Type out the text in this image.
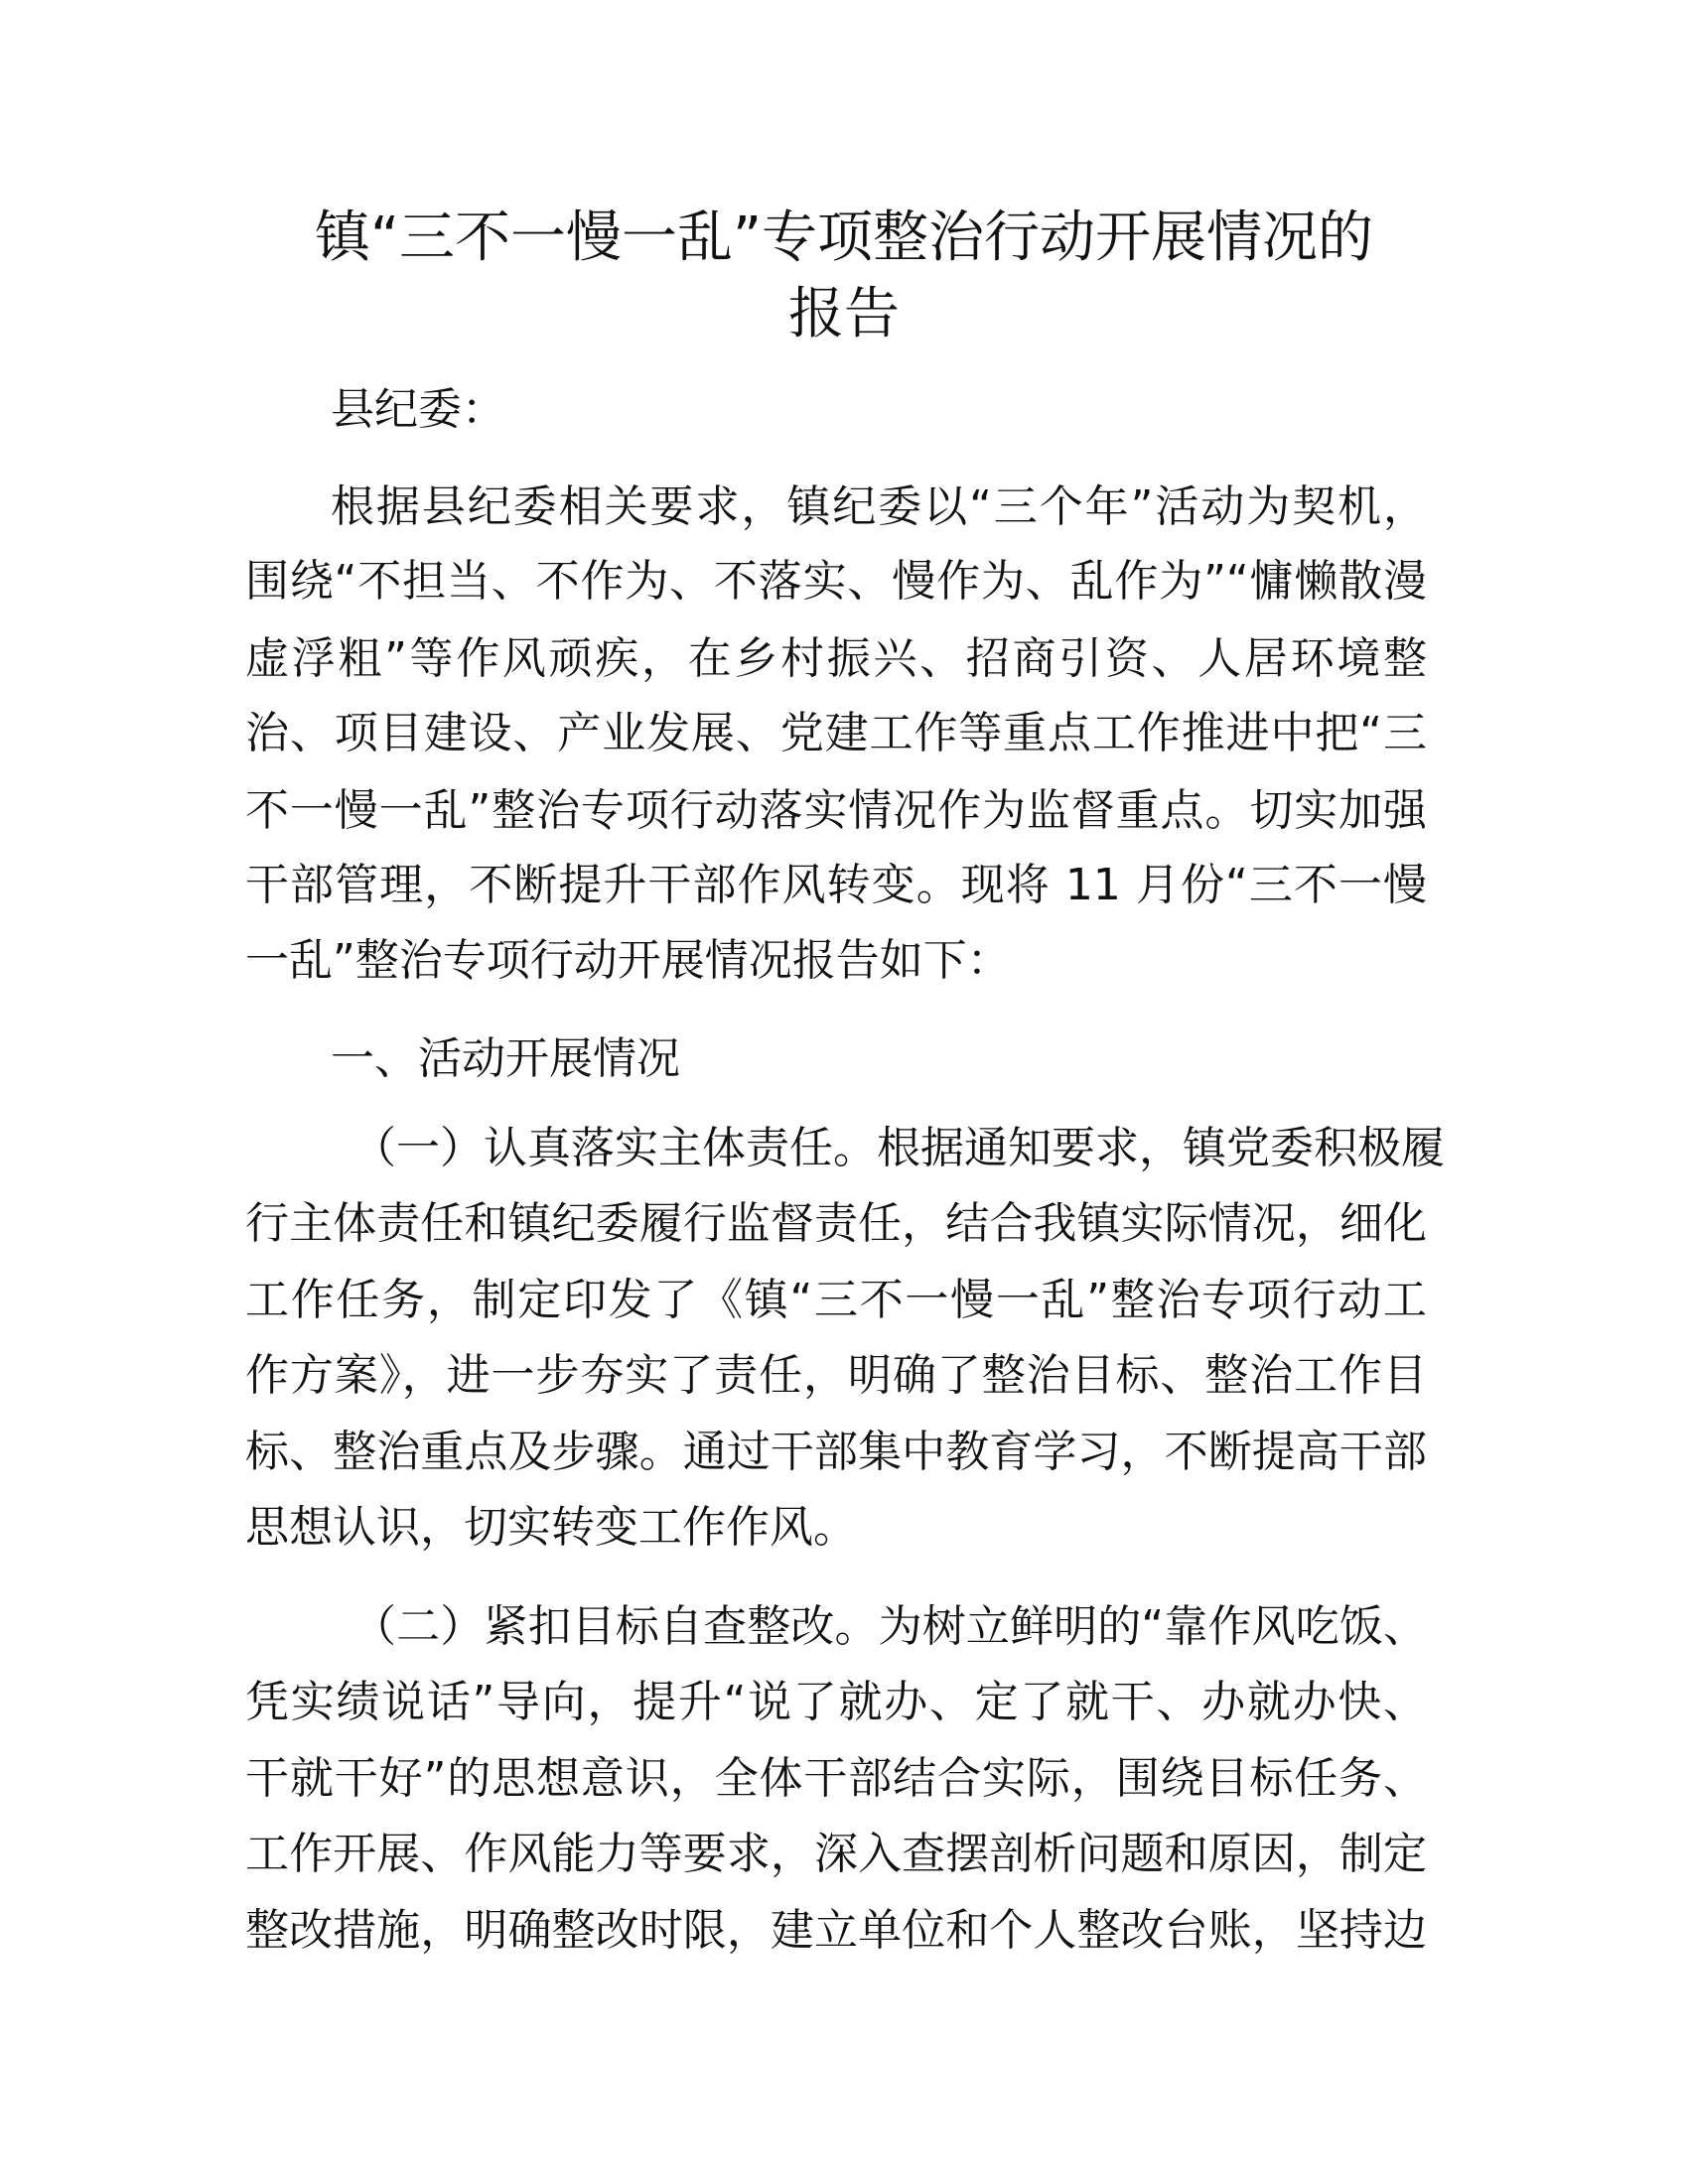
镇“三不一慢一乱”专项整治行动开展情况的
报告
县纪委：
根据县纪委相关要求，镇纪委以“三个年”活动为契机，
围绕“不担当、不作为、不落实、慢作为、乱作为”“慵懒散漫
虚浮粗”等作风顽疾，在乡村振兴、招商引资、人居环境整
治、项目建设、产业发展、党建工作等重点工作推进中把“三
不一慢一乱”整治专项行动落实情况作为监督重点。切实加强
干部管理，不断提升干部作风转变。现将 11 月份“三不一慢
一乱”整治专项行动开展情况报告如下：
一、活动开展情况
（一）认真落实主体责任。根据通知要求，镇党委积极履
行主体责任和镇纪委履行监督责任，结合我镇实际情况，细化
工作任务，制定印发了《镇“三不一慢一乱”整治专项行动工
作方案》，进一步夯实了责任，明确了整治目标、整治工作目
标、整治重点及步骤。通过干部集中教育学习，不断提高干部
思想认识，切实转变工作作风。
（二）紧扣目标自查整改。为树立鲜明的“靠作风吃饭、
凭实绩说话”导向，提升“说了就办、定了就干、办就办快、
干就干好”的思想意识，全体干部结合实际，围绕目标任务、
工作开展、作风能力等要求，深入查摆剖析问题和原因，制定
整改措施，明确整改时限，建立单位和个人整改台账，坚持边
